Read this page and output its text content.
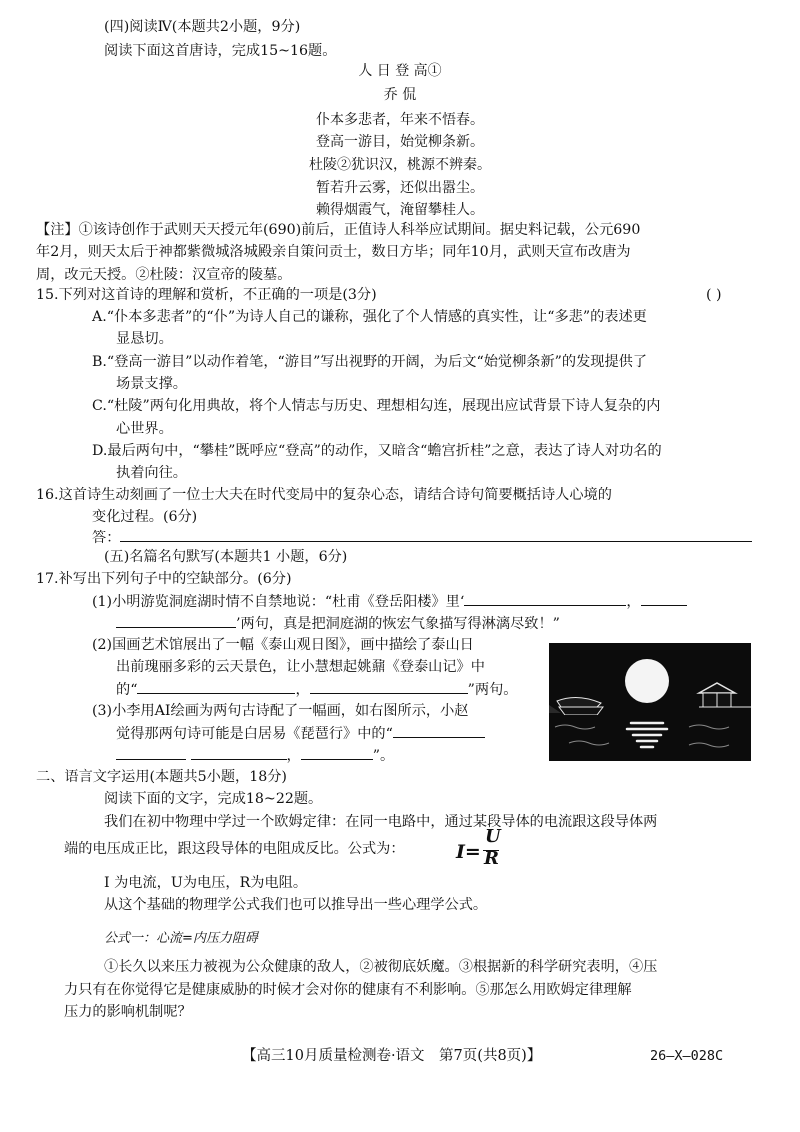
(四)阅读Ⅳ(本题共2小题，9分)
阅读下面这首唐诗，完成15~16题。
人 日 登 高①
乔 侃
仆本多悲者，年来不悟春。
登高一游目，始觉柳条新。
杜陵②犹识汉，桃源不辨秦。
暂若升云雾，还似出嚣尘。
赖得烟霞气，淹留攀桂人。
【注】①该诗创作于武则天天授元年(690)前后，正值诗人科举应试期间。据史料记载，公元690
年2月，则天太后于神都紫微城洛城殿亲自策问贡士，数日方毕；同年10月，武则天宣布改唐为
周，改元天授。②杜陵：汉宣帝的陵墓。
15.下列对这首诗的理解和赏析，不正确的一项是(3分)	( )
A.“仆本多悲者”的“仆”为诗人自己的谦称，强化了个人情感的真实性，让“多悲”的表述更
显恳切。
B.“登高一游目”以动作着笔，“游目”写出视野的开阔，为后文“始觉柳条新”的发现提供了
场景支撑。
C.“杜陵”两句化用典故，将个人情志与历史、理想相勾连，展现出应试背景下诗人复杂的内
心世界。
D.最后两句中，“攀桂”既呼应“登高”的动作，又暗含“蟾宫折桂”之意，表达了诗人对功名的
执着向往。
16.这首诗生动刻画了一位士大夫在时代变局中的复杂心态，请结合诗句简要概括诗人心境的
变化过程。(6分)
答：
(五)名篇名句默写(本题共1 小题，6分)
17.补写出下列句子中的空缺部分。(6分)
(1)小明游览洞庭湖时情不自禁地说：“杜甫《登岳阳楼》里‘	，
’两句，真是把洞庭湖的恢宏气象描写得淋漓尽致！”
(2)国画艺术馆展出了一幅《泰山观日图》，画中描绘了泰山日
出前瑰丽多彩的云天景色，让小慧想起姚鼐《登泰山记》中
的“	，	”两句。
(3)小李用AI绘画为两句古诗配了一幅画，如右图所示，小赵
觉得那两句诗可能是白居易《琵琶行》中的“
，	”。
二、语言文字运用(本题共5小题，18分)
阅读下面的文字，完成18~22题。
我们在初中物理中学过一个欧姆定律：在同一电路中，通过某段导体的电流跟这段导体两
端的电压成正比，跟这段导体的电阻成反比。公式为：	I=
U
R
I 为电流，U为电压，R为电阻。
从这个基础的物理学公式我们也可以推导出一些心理学公式。
公式一：心流=内压力阻碍
①长久以来压力被视为公众健康的敌人，②被彻底妖魔。③根据新的科学研究表明，④压
力只有在你觉得它是健康威胁的时候才会对你的健康有不利影响。⑤那怎么用欧姆定律理解
压力的影响机制呢？
【高三10月质量检测卷·语文　第7页(共8页)】	26—X—028C
